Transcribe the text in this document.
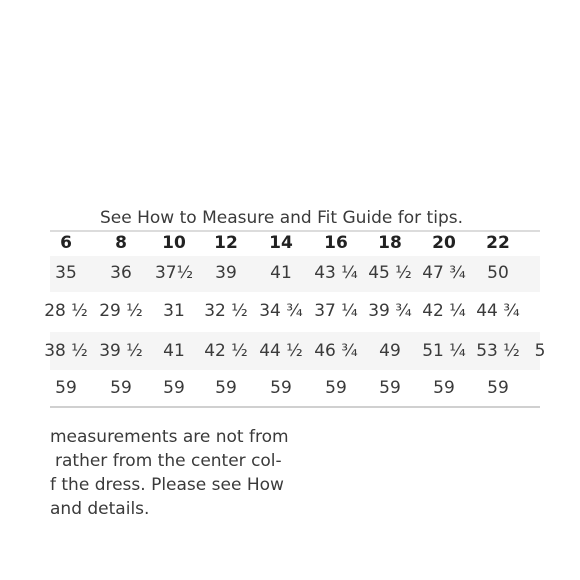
See How to Measure and Fit Guide for tips.
6	8 10 12 14 16 18 20 22
35 36 37½ 39 41 43 ¼ 45 ½ 47 ¾ 50
28 ½ 29 ½ 31 32 ½ 34 ¾ 37 ¼ 39 ¾ 42 ¼ 44 ¾
38 ½ 39 ½ 41 42 ½ 44 ½ 46 ¾ 49 51 ¼ 53 ½ 5
59 59 59 59 59 59 59 59 59
measurements are not from
rather from the center col-
f the dress. Please see How
and details.
